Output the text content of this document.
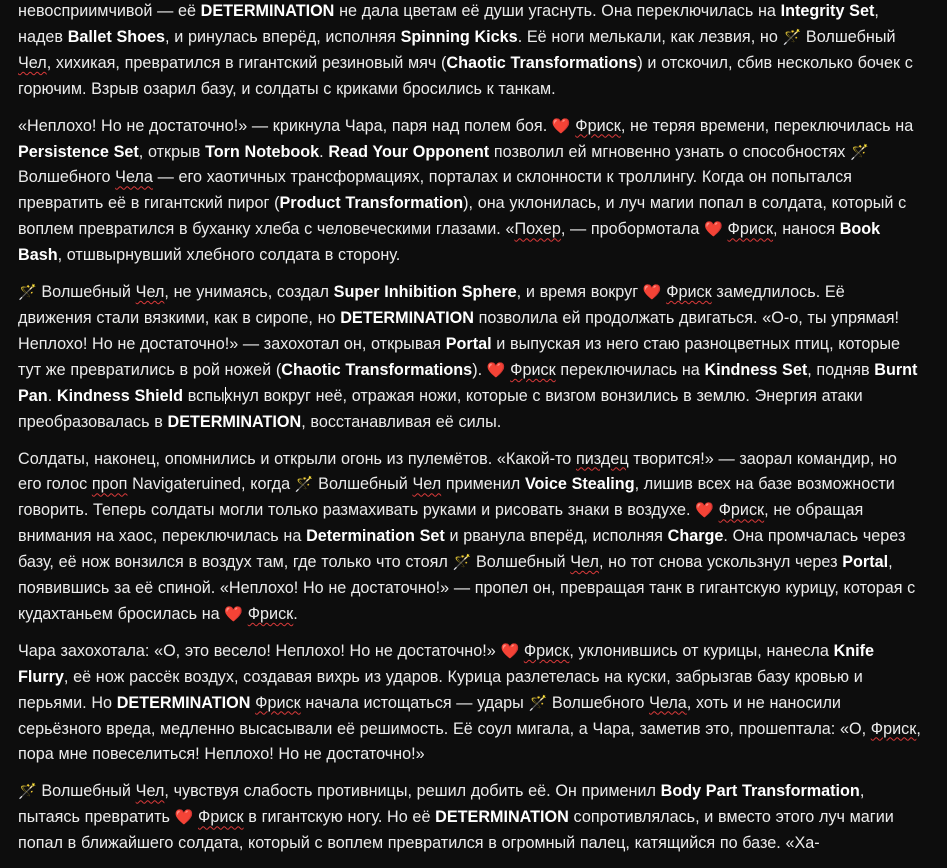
невосприимчивой — её DETERMINATION не дала цветам её души угаснуть. Она переключилась на Integrity Set, надев Ballet Shoes, и ринулась вперёд, исполняя Spinning Kicks. Её ноги мелькали, как лезвия, но 🪄 Волшебный Чел, хихикая, превратился в гигантский резиновый мяч (Chaotic Transformations) и отскочил, сбив несколько бочек с горючим. Взрыв озарил базу, и солдаты с криками бросились к танкам.

«Неплохо! Но не достаточно!» — крикнула Чара, паря над полем боя. ❤️ Фриск, не теряя времени, переключилась на Persistence Set, открыв Torn Notebook. Read Your Opponent позволил ей мгновенно узнать о способностях 🪄 Волшебного Чела — его хаотичных трансформациях, порталах и склонности к троллингу. Когда он попытался превратить её в гигантский пирог (Product Transformation), она уклонилась, и луч магии попал в солдата, который с воплем превратился в буханку хлеба с человеческими глазами. «Похер, — пробормотала ❤️ Фриск, нанося Book Bash, отшвырнувший хлебного солдата в сторону.

🪄 Волшебный Чел, не унимаясь, создал Super Inhibition Sphere, и время вокруг ❤️ Фриск замедлилось. Её движения стали вязкими, как в сиропе, но DETERMINATION позволила ей продолжать двигаться. «О-о, ты упрямая! Неплохо! Но не достаточно!» — захохотал он, открывая Portal и выпуская из него стаю разноцветных птиц, которые тут же превратились в рой ножей (Chaotic Transformations). ❤️ Фриск переключилась на Kindness Set, подняв Burnt Pan. Kindness Shield вспыхнул вокруг неё, отражая ножи, которые с визгом вонзились в землю. Энергия атаки преобразовалась в DETERMINATION, восстанавливая её силы.

Солдаты, наконец, опомнились и открыли огонь из пулемётов. «Какой-то пиздец творится!» — заорал командир, но его голос проп Navigateruined, когда 🪄 Волшебный Чел применил Voice Stealing, лишив всех на базе возможности говорить. Теперь солдаты могли только размахивать руками и рисовать знаки в воздухе. ❤️ Фриск, не обращая внимания на хаос, переключилась на Determination Set и рванула вперёд, исполняя Charge. Она промчалась через базу, её нож вонзился в воздух там, где только что стоял 🪄 Волшебный Чел, но тот снова ускользнул через Portal, появившись за её спиной. «Неплохо! Но не достаточно!» — пропел он, превращая танк в гигантскую курицу, которая с кудахтаньем бросилась на ❤️ Фриск.

Чара захохотала: «О, это весело! Неплохо! Но не достаточно!» ❤️ Фриск, уклонившись от курицы, нанесла Knife Flurry, её нож рассёк воздух, создавая вихрь из ударов. Курица разлетелась на куски, забрызгав базу кровью и перьями. Но DETERMINATION Фриск начала истощаться — удары 🪄 Волшебного Чела, хоть и не наносили серьёзного вреда, медленно высасывали её решимость. Её соул мигала, а Чара, заметив это, прошептала: «О, Фриск, пора мне повеселиться! Неплохо! Но не достаточно!»

🪄 Волшебный Чел, чувствуя слабость противницы, решил добить её. Он применил Body Part Transformation, пытаясь превратить ❤️ Фриск в гигантскую ногу. Но её DETERMINATION сопротивлялась, и вместо этого луч магии попал в ближайшего солдата, который с воплем превратился в огромный палец, катящийся по базе. «Ха-
